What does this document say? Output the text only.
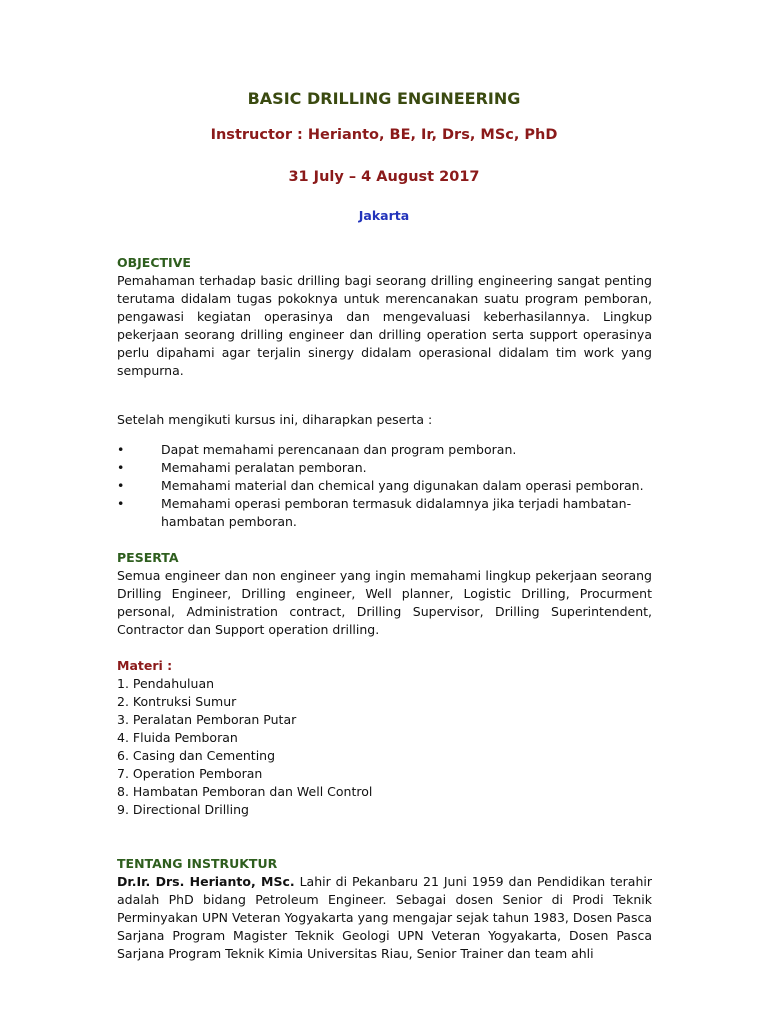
BASIC DRILLING ENGINEERING

Instructor : Herianto, BE, Ir, Drs, MSc, PhD

31 July – 4 August 2017

Jakarta

OBJECTIVE

Pemahaman terhadap basic drilling bagi seorang drilling engineering sangat penting terutama didalam tugas pokoknya untuk merencanakan suatu program pemboran, pengawasi kegiatan operasinya dan mengevaluasi keberhasilannya. Lingkup pekerjaan seorang drilling engineer dan drilling operation serta support operasinya perlu dipahami agar terjalin sinergy didalam operasional didalam tim work yang sempurna.

Setelah mengikuti kursus ini, diharapkan peserta :

• Dapat memahami perencanaan dan program pemboran.
• Memahami peralatan pemboran.
• Memahami material dan chemical yang digunakan dalam operasi pemboran.
• Memahami operasi pemboran termasuk didalamnya jika terjadi hambatan-hambatan pemboran.

PESERTA

Semua engineer dan non engineer yang ingin memahami lingkup pekerjaan seorang Drilling Engineer, Drilling engineer, Well planner, Logistic Drilling, Procurment personal, Administration contract, Drilling Supervisor, Drilling Superintendent, Contractor dan Support operation drilling.

Materi :

1. Pendahuluan
2. Kontruksi Sumur
3. Peralatan Pemboran Putar
4. Fluida Pemboran
6. Casing dan Cementing
7. Operation Pemboran
8. Hambatan Pemboran dan Well Control
9. Directional Drilling

TENTANG INSTRUKTUR

Dr.Ir. Drs. Herianto, MSc. Lahir di Pekanbaru 21 Juni 1959 dan Pendidikan terahir adalah PhD bidang Petroleum Engineer. Sebagai dosen Senior di Prodi Teknik Perminyakan UPN Veteran Yogyakarta yang mengajar sejak tahun 1983, Dosen Pasca Sarjana Program Magister Teknik Geologi UPN Veteran Yogyakarta, Dosen Pasca Sarjana Program Teknik Kimia Universitas Riau, Senior Trainer dan team ahli
